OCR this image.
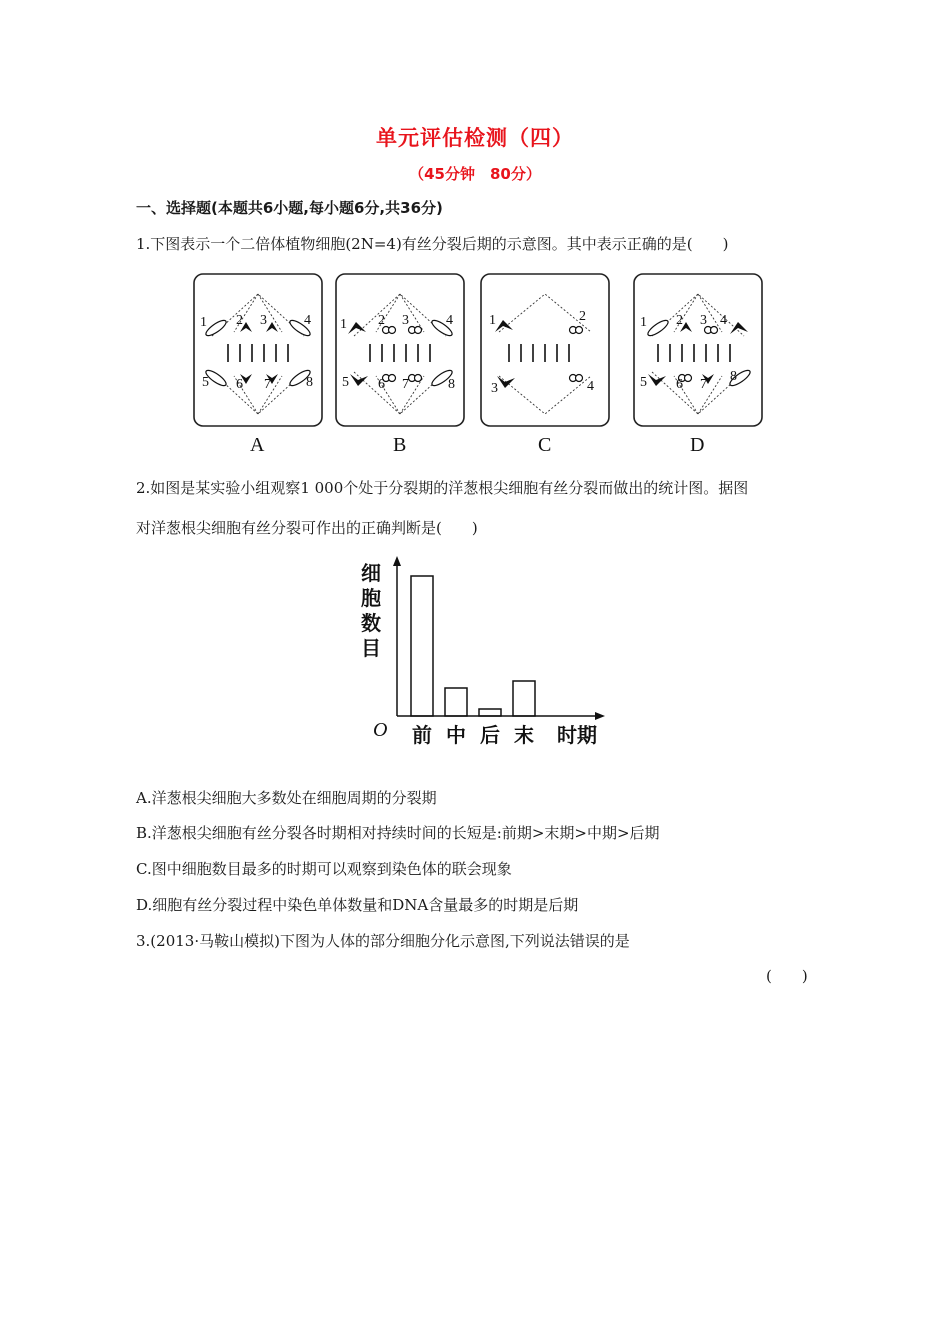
单元评估检测（四）
（45分钟　80分）
一、选择题(本题共6小题,每小题6分,共36分)
1.下图表示一个二倍体植物细胞(2N=4)有丝分裂后期的示意图。其中表示正确的是(　　)
1 2 3	4
5 6 7	8
A
1 2 3	4
5 6 7	8
B
1	2
3	4
C
1 2 3 4
5 6 7
8
D
2.如图是某实验小组观察1 000个处于分裂期的洋葱根尖细胞有丝分裂而做出的统计图。据图
对洋葱根尖细胞有丝分裂可作出的正确判断是(　　)
细
胞
数
目
O 前 中 后 末 时期
A.洋葱根尖细胞大多数处在细胞周期的分裂期
B.洋葱根尖细胞有丝分裂各时期相对持续时间的长短是:前期>末期>中期>后期
C.图中细胞数目最多的时期可以观察到染色体的联会现象
D.细胞有丝分裂过程中染色单体数量和DNA含量最多的时期是后期
3.(2013·马鞍山模拟)下图为人体的部分细胞分化示意图,下列说法错误的是
(　　)
